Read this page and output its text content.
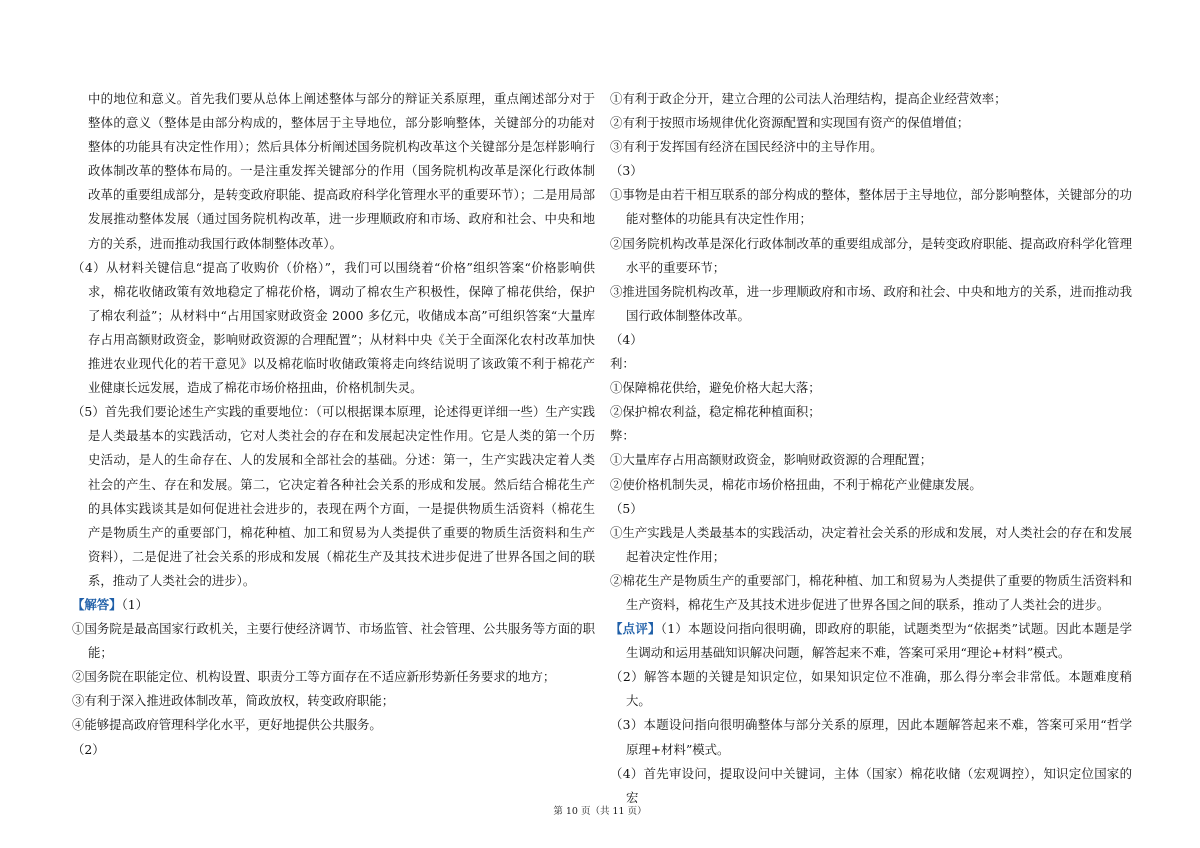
中的地位和意义。首先我们要从总体上阐述整体与部分的辩证关系原理，重点阐述部分对于整体的意义（整体是由部分构成的，整体居于主导地位，部分影响整体，关键部分的功能对整体的功能具有决定性作用）；然后具体分析阐述国务院机构改革这个关键部分是怎样影响行政体制改革的整体布局的。一是注重发挥关键部分的作用（国务院机构改革是深化行政体制改革的重要组成部分，是转变政府职能、提高政府科学化管理水平的重要环节）；二是用局部发展推动整体发展（通过国务院机构改革，进一步理顺政府和市场、政府和社会、中央和地方的关系，进而推动我国行政体制整体改革）。

（4）从材料关键信息“提高了收购价（价格）”，我们可以围绕着“价格”组织答案“价格影响供求，棉花收储政策有效地稳定了棉花价格，调动了棉农生产积极性，保障了棉花供给，保护了棉农利益”；从材料中“占用国家财政资金 2000 多亿元，收储成本高”可组织答案“大量库存占用高额财政资金，影响财政资源的合理配置”；从材料中央《关于全面深化农村改革加快推进农业现代化的若干意见》以及棉花临时收储政策将走向终结说明了该政策不利于棉花产业健康长远发展，造成了棉花市场价格扭曲，价格机制失灵。

（5）首先我们要论述生产实践的重要地位：（可以根据课本原理，论述得更详细一些）生产实践是人类最基本的实践活动，它对人类社会的存在和发展起决定性作用。它是人类的第一个历史活动，是人的生命存在、人的发展和全部社会的基础。分述：第一，生产实践决定着人类社会的产生、存在和发展。第二，它决定着各种社会关系的形成和发展。然后结合棉花生产的具体实践谈其是如何促进社会进步的，表现在两个方面，一是提供物质生活资料（棉花生产是物质生产的重要部门，棉花种植、加工和贸易为人类提供了重要的物质生活资料和生产资料），二是促进了社会关系的形成和发展（棉花生产及其技术进步促进了世界各国之间的联系，推动了人类社会的进步）。

【解答】（1）

①国务院是最高国家行政机关，主要行使经济调节、市场监管、社会管理、公共服务等方面的职能；

②国务院在职能定位、机构设置、职责分工等方面存在不适应新形势新任务要求的地方；

③有利于深入推进政体制改革，简政放权，转变政府职能；

④能够提高政府管理科学化水平，更好地提供公共服务。

（2）

①有利于政企分开，建立合理的公司法人治理结构，提高企业经营效率；

②有利于按照市场规律优化资源配置和实现国有资产的保值增值；

③有利于发挥国有经济在国民经济中的主导作用。

（3）

①事物是由若干相互联系的部分构成的整体，整体居于主导地位，部分影响整体，关键部分的功能对整体的功能具有决定性作用；

②国务院机构改革是深化行政体制改革的重要组成部分，是转变政府职能、提高政府科学化管理水平的重要环节；

③推进国务院机构改革，进一步理顺政府和市场、政府和社会、中央和地方的关系，进而推动我国行政体制整体改革。

（4）

利：

①保障棉花供给，避免价格大起大落；

②保护棉农利益，稳定棉花种植面积；

弊：

①大量库存占用高额财政资金，影响财政资源的合理配置；

②使价格机制失灵，棉花市场价格扭曲，不利于棉花产业健康发展。

（5）

①生产实践是人类最基本的实践活动，决定着社会关系的形成和发展，对人类社会的存在和发展起着决定性作用；

②棉花生产是物质生产的重要部门，棉花种植、加工和贸易为人类提供了重要的物质生活资料和生产资料，棉花生产及其技术进步促进了世界各国之间的联系，推动了人类社会的进步。

【点评】（1）本题设问指向很明确，即政府的职能，试题类型为“依据类”试题。因此本题是学生调动和运用基础知识解决问题，解答起来不难，答案可采用“理论+材料”模式。

（2）解答本题的关键是知识定位，如果知识定位不准确，那么得分率会非常低。本题难度稍大。

（3）本题设问指向很明确整体与部分关系的原理，因此本题解答起来不难，答案可采用“哲学原理+材料”模式。

（4）首先审设问，提取设问中关键词，主体（国家）棉花收储（宏观调控），知识定位国家的宏

第 10 页（共 11 页）
